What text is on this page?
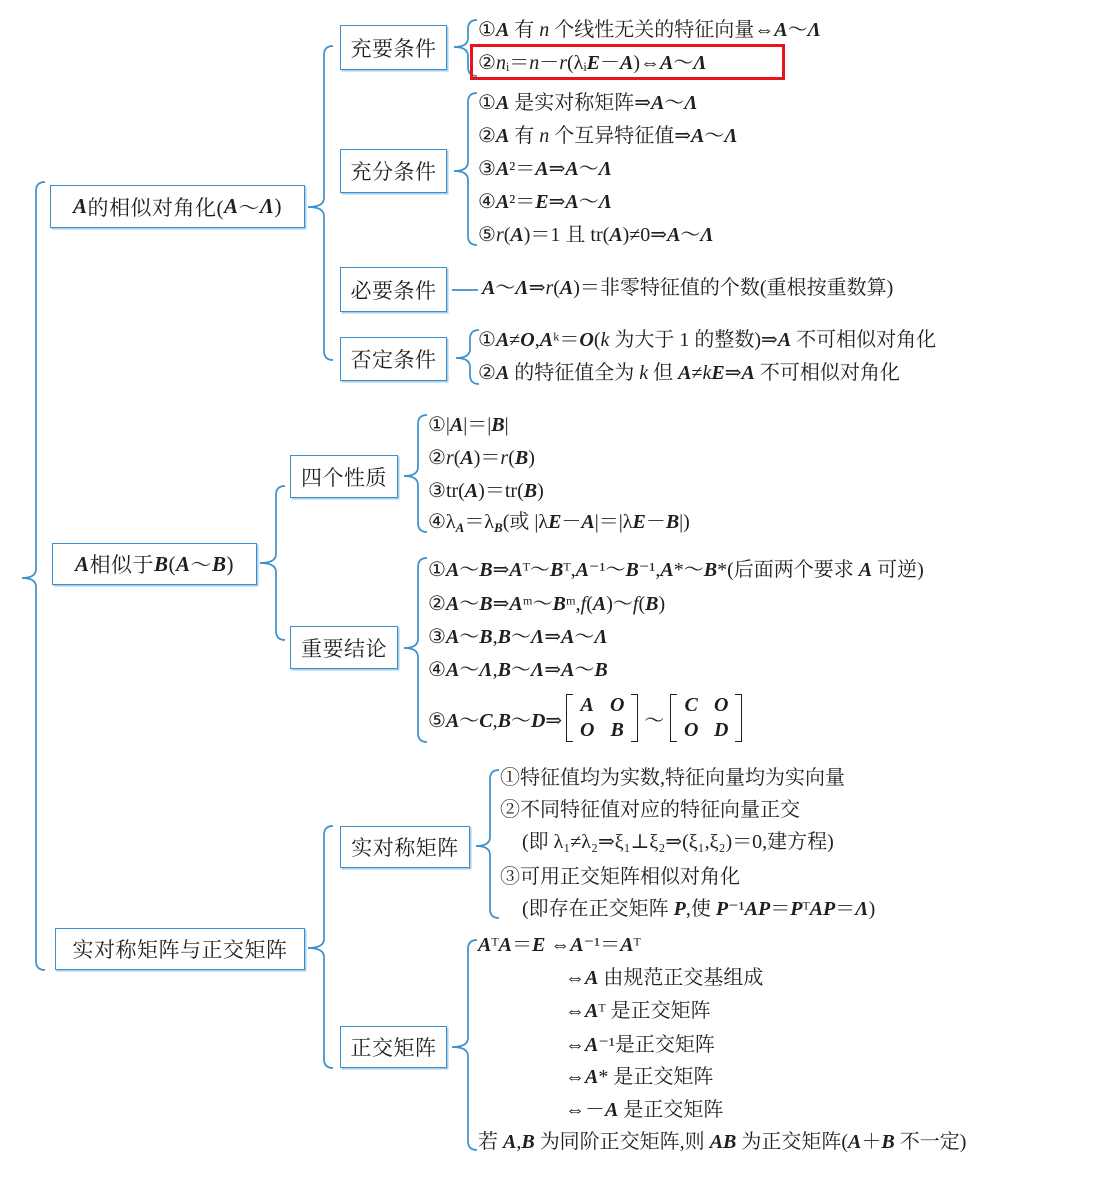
A 的相似对角化( A ～ Λ )
A 相似于 B ( A ～ B )
实对称矩阵与正交矩阵
充要条件
充分条件
必要条件
否定条件
①A 有 n 个线性无关的特征向量⇔A～Λ
②nᵢ＝n－r(λᵢE－A)⇔A～Λ
①A 是实对称矩阵⇒A～Λ
②A 有 n 个互异特征值⇒A～Λ
③A²＝A⇒A～Λ
④A²＝E⇒A～Λ
⑤r(A)＝1 且 tr(A)≠0⇒A～Λ
A～Λ⇒r(A)＝非零特征值的个数(重根按重数算)
①A≠O,Aᵏ＝O(k 为大于 1 的整数)⇒A 不可相似对角化
②A 的特征值全为 k 但 A≠kE⇒A 不可相似对角化
四个性质
重要结论
①|A|＝|B|
②r(A)＝r(B)
③tr(A)＝tr(B)
$④\lambda_A=\lambda_B$(或 |λE－A|＝|λE－B|)
①A～B⇒Aᵀ～Bᵀ,A⁻¹～B⁻¹,A*～B*(后面两个要求 A 可逆)
②A～B⇒Aᵐ～Bᵐ,f(A)～f(B)
③A～B,B～Λ⇒A～Λ
④A～Λ,B～Λ⇒A～B
⑤A～C,B～D⇒
A O
O B	～
C O
O D
实对称矩阵
正交矩阵
①特征值均为实数,特征向量均为实向量
②不同特征值对应的特征向量正交
(即 λ₁≠λ₂⇒ξ₁⊥ξ₂⇒(ξ₁,ξ₂)＝0,建方程)
③可用正交矩阵相似对角化
(即存在正交矩阵 P,使 P⁻¹AP＝PᵀAP＝Λ)
AᵀA＝E ⇔A⁻¹＝Aᵀ
⇔A 由规范正交基组成
⇔Aᵀ 是正交矩阵
⇔A⁻¹是正交矩阵
⇔A* 是正交矩阵
⇔－A 是正交矩阵
若 A,B 为同阶正交矩阵,则 AB 为正交矩阵(A＋B 不一定)
